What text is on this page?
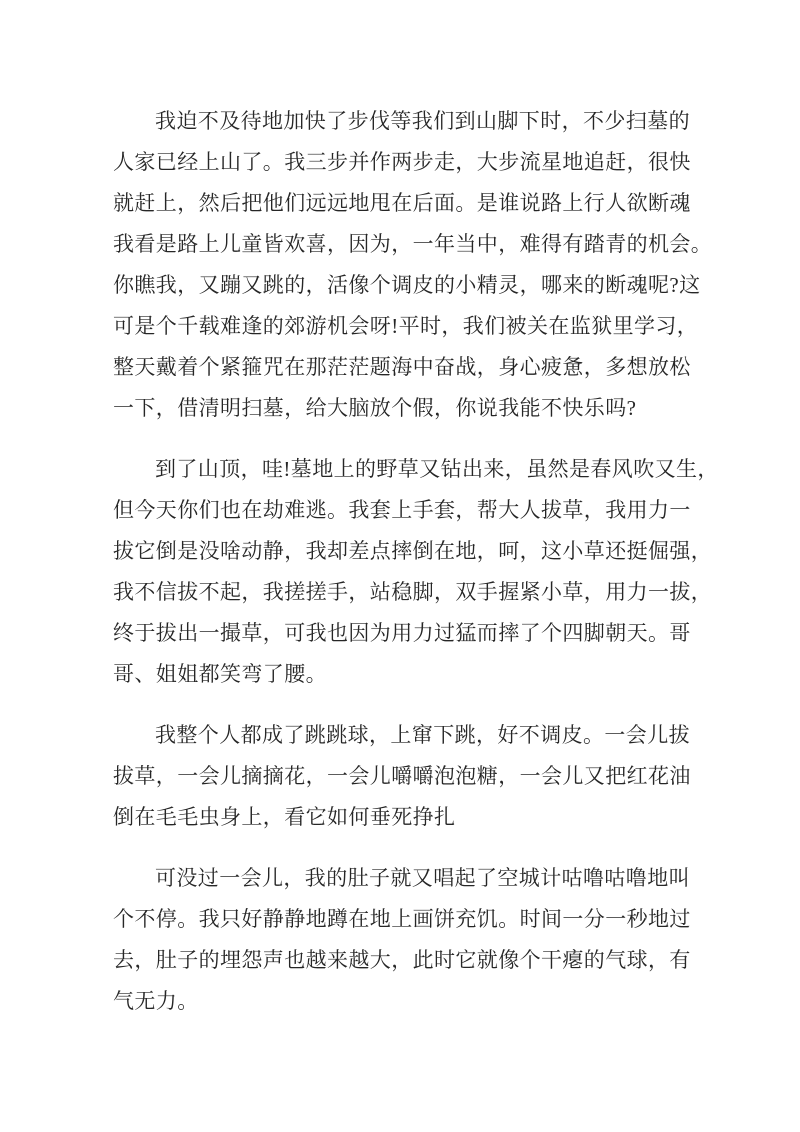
我迫不及待地加快了步伐等我们到山脚下时，不少扫墓的
人家已经上山了。我三步并作两步走，大步流星地追赶，很快
就赶上，然后把他们远远地甩在后面。是谁说路上行人欲断魂
我看是路上儿童皆欢喜，因为，一年当中，难得有踏青的机会。
你瞧我，又蹦又跳的，活像个调皮的小精灵，哪来的断魂呢?这
可是个千载难逢的郊游机会呀!平时，我们被关在监狱里学习，
整天戴着个紧箍咒在那茫茫题海中奋战，身心疲惫，多想放松
一下，借清明扫墓，给大脑放个假，你说我能不快乐吗?

到了山顶，哇!墓地上的野草又钻出来，虽然是春风吹又生，
但今天你们也在劫难逃。我套上手套，帮大人拔草，我用力一
拔它倒是没啥动静，我却差点摔倒在地，呵，这小草还挺倔强，
我不信拔不起，我搓搓手，站稳脚，双手握紧小草，用力一拔，
终于拔出一撮草，可我也因为用力过猛而摔了个四脚朝天。哥
哥、姐姐都笑弯了腰。

我整个人都成了跳跳球，上窜下跳，好不调皮。一会儿拔
拔草，一会儿摘摘花，一会儿嚼嚼泡泡糖，一会儿又把红花油
倒在毛毛虫身上，看它如何垂死挣扎

可没过一会儿，我的肚子就又唱起了空城计咕噜咕噜地叫
个不停。我只好静静地蹲在地上画饼充饥。时间一分一秒地过
去，肚子的埋怨声也越来越大，此时它就像个干瘪的气球，有
气无力。
